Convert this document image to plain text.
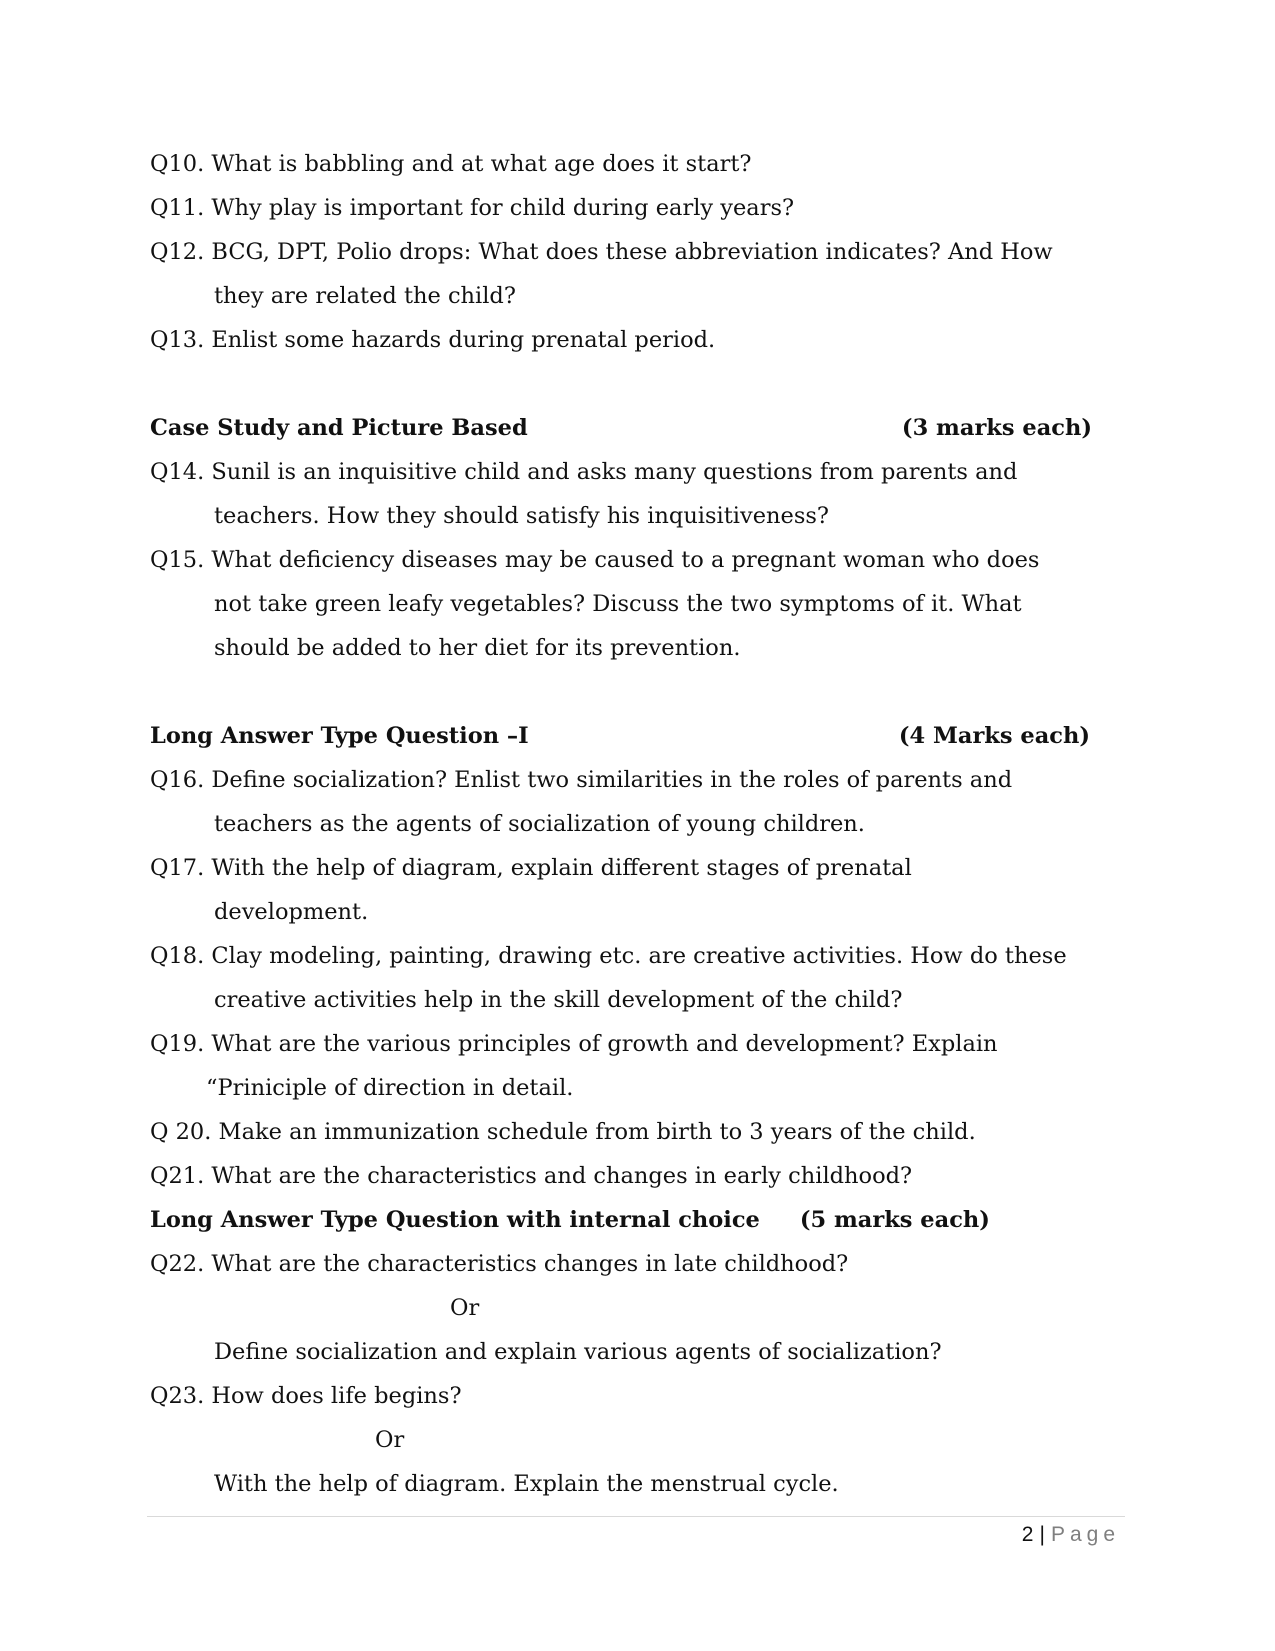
Q10. What is babbling and at what age does it start?
Q11. Why play is important for child during early years?
Q12. BCG, DPT, Polio drops: What does these abbreviation indicates? And How
they are related the child?
Q13. Enlist some hazards during prenatal period.
Case Study and Picture Based	(3 marks each)
Q14. Sunil is an inquisitive child and asks many questions from parents and
teachers. How they should satisfy his inquisitiveness?
Q15. What deficiency diseases may be caused to a pregnant woman who does
not take green leafy vegetables? Discuss the two symptoms of it. What
should be added to her diet for its prevention.
Long Answer Type Question –I	(4 Marks each)
Q16. Define socialization? Enlist two similarities in the roles of parents and
teachers as the agents of socialization of young children.
Q17. With the help of diagram, explain different stages of prenatal
development.
Q18. Clay modeling, painting, drawing etc. are creative activities. How do these
creative activities help in the skill development of the child?
Q19. What are the various principles of growth and development? Explain
“Priniciple of direction in detail.
Q 20. Make an immunization schedule from birth to 3 years of the child.
Q21. What are the characteristics and changes in early childhood?
Long Answer Type Question with internal choice (5 marks each)
Q22. What are the characteristics changes in late childhood?
Or
Define socialization and explain various agents of socialization?
Q23. How does life begins?
Or
With the help of diagram. Explain the menstrual cycle.
2 | Page
